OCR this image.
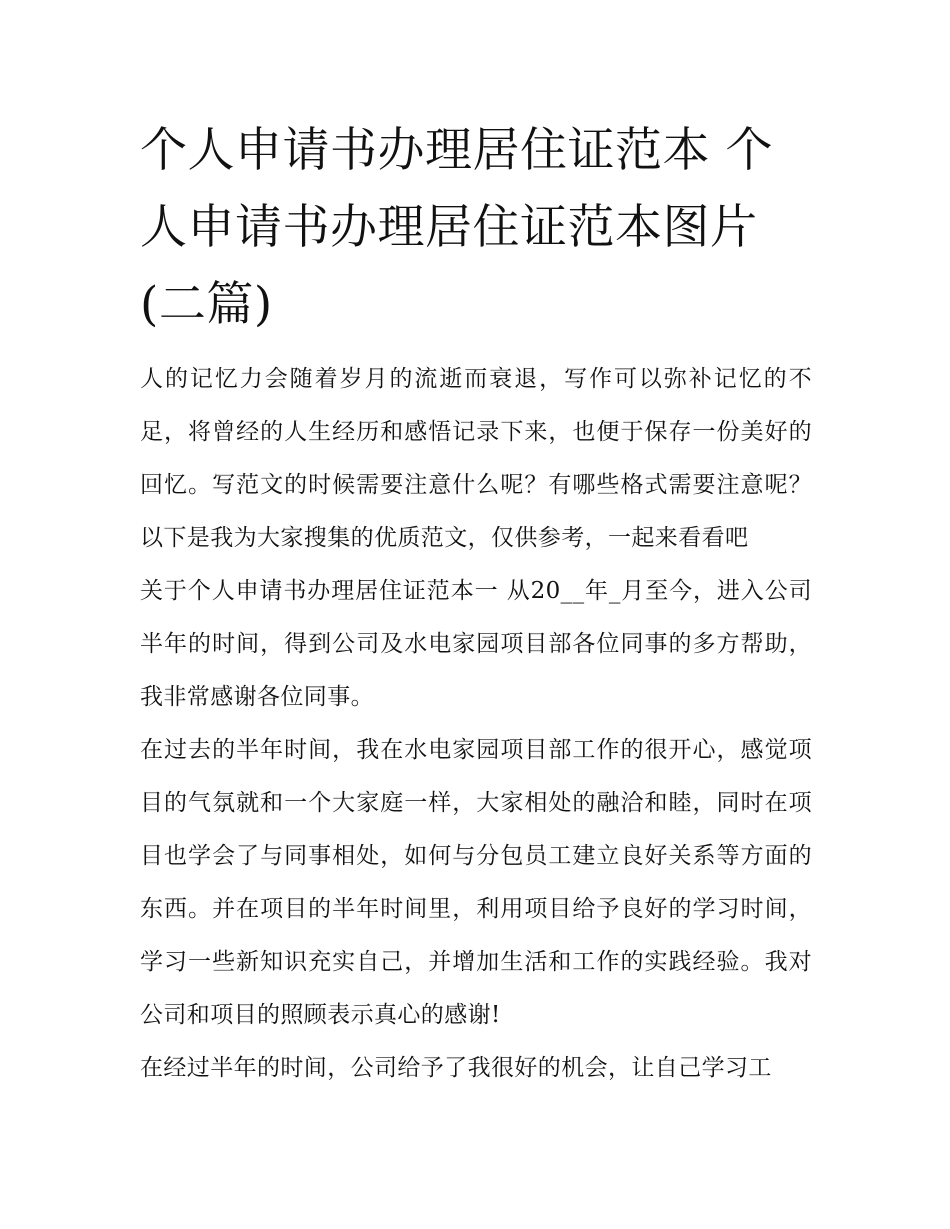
个人申请书办理居住证范本 个人申请书办理居住证范本图片(二篇)

人的记忆力会随着岁月的流逝而衰退，写作可以弥补记忆的不足，将曾经的人生经历和感悟记录下来，也便于保存一份美好的回忆。写范文的时候需要注意什么呢？有哪些格式需要注意呢？以下是我为大家搜集的优质范文，仅供参考，一起来看看吧

关于个人申请书办理居住证范本一 从20__年_月至今，进入公司半年的时间，得到公司及水电家园项目部各位同事的多方帮助，我非常感谢各位同事。

在过去的半年时间，我在水电家园项目部工作的很开心，感觉项目的气氛就和一个大家庭一样，大家相处的融洽和睦，同时在项目也学会了与同事相处，如何与分包员工建立良好关系等方面的东西。并在项目的半年时间里，利用项目给予良好的学习时间，学习一些新知识充实自己，并增加生活和工作的实践经验。我对公司和项目的照顾表示真心的感谢!

在经过半年的时间，公司给予了我很好的机会，让自己学习工
